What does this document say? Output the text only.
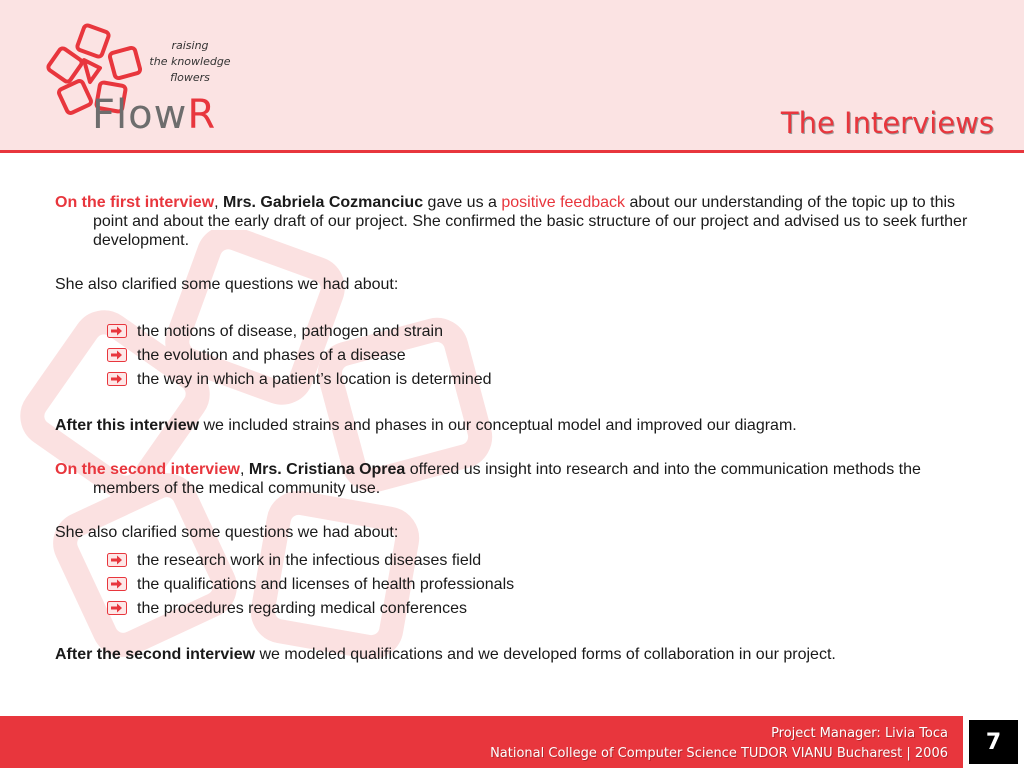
raising
the knowledge
flowers
FlowR	The Interviews

On the first interview, Mrs. Gabriela Cozmanciuc gave us a positive feedback about our understanding of the topic up to this point and about the early draft of our project. She confirmed the basic structure of our project and advised us to seek further development.

She also clarified some questions we had about:

the notions of disease, pathogen and strain
the evolution and phases of a disease
the way in which a patient’s location is determined

After this interview we included strains and phases in our conceptual model and improved our diagram.

On the second interview, Mrs. Cristiana Oprea offered us insight into research and into the communication methods the members of the medical community use.

She also clarified some questions we had about:

the research work in the infectious diseases field
the qualifications and licenses of health professionals
the procedures regarding medical conferences

After the second interview we modeled qualifications and we developed forms of collaboration in our project.

Project Manager: Livia Toca
National College of Computer Science TUDOR VIANU Bucharest | 2006	7
